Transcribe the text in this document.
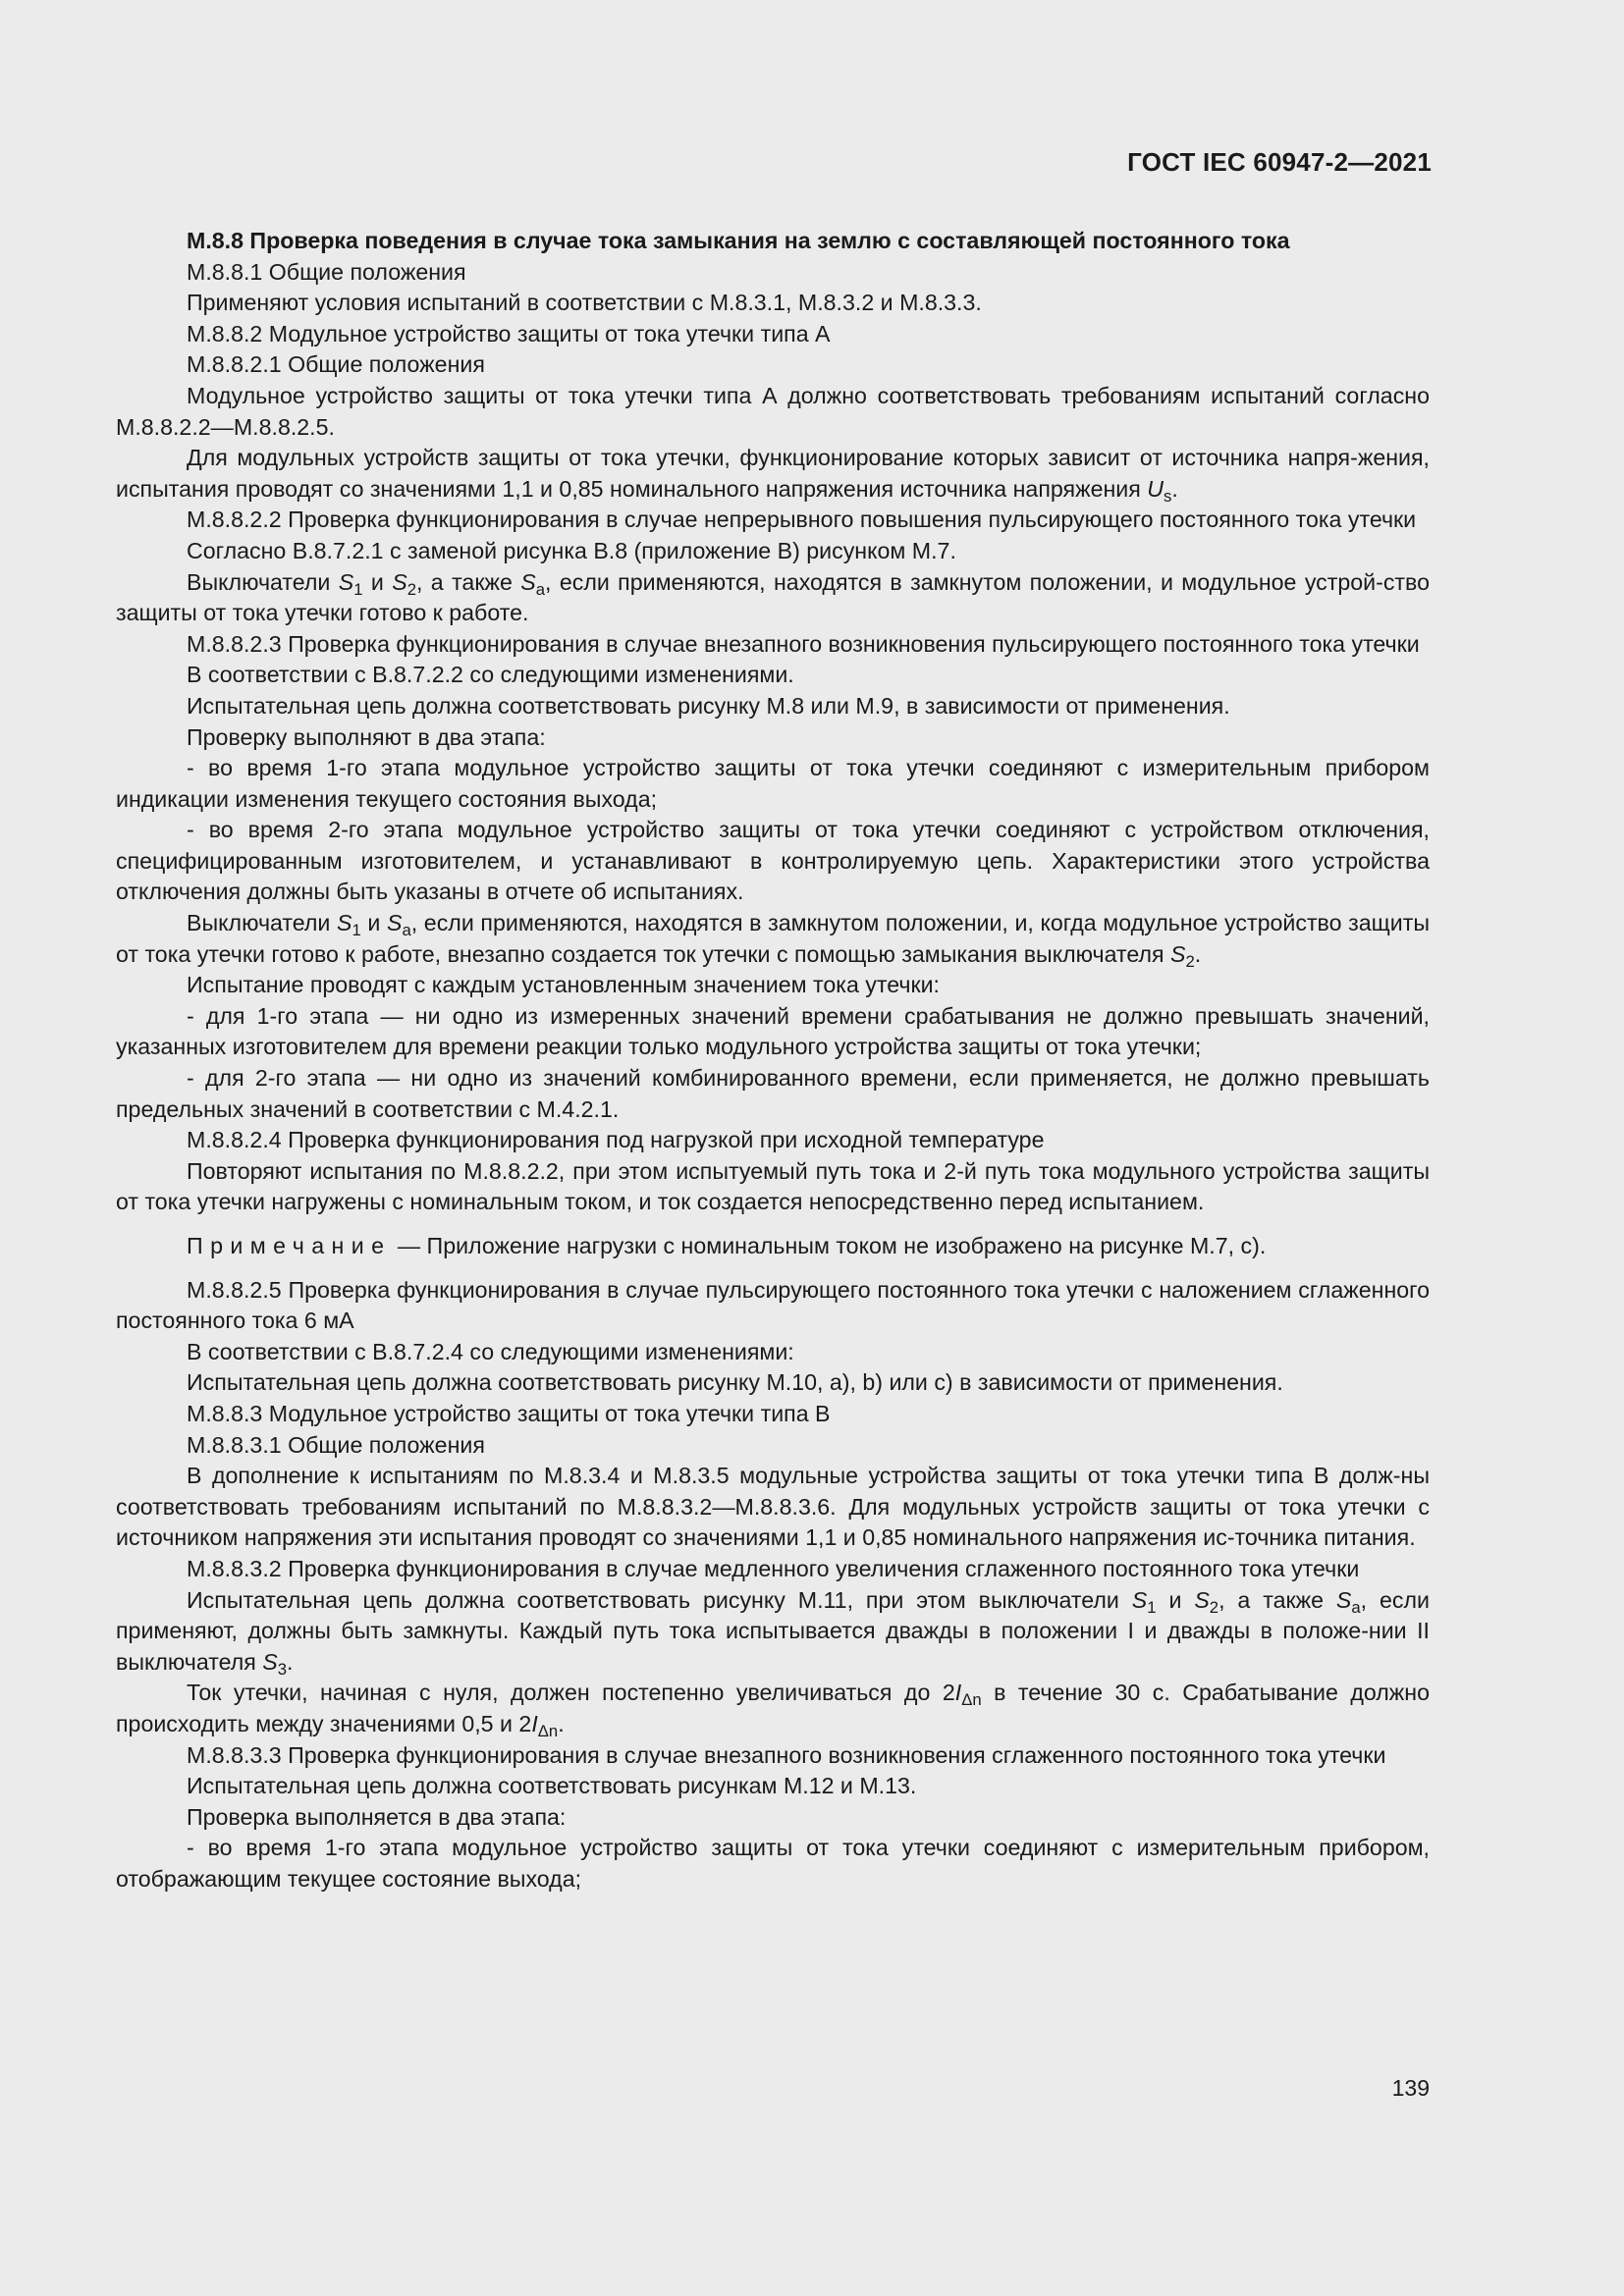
ГОСТ IEC 60947-2—2021

M.8.8 Проверка поведения в случае тока замыкания на землю с составляющей постоянного тока

M.8.8.1 Общие положения

Применяют условия испытаний в соответствии с M.8.3.1, M.8.3.2 и M.8.3.3.

M.8.8.2 Модульное устройство защиты от тока утечки типа А

M.8.8.2.1 Общие положения

Модульное устройство защиты от тока утечки типа А должно соответствовать требованиям испытаний согласно M.8.8.2.2—M.8.8.2.5.

Для модульных устройств защиты от тока утечки, функционирование которых зависит от источника напря-жения, испытания проводят со значениями 1,1 и 0,85 номинального напряжения источника напряжения $U_s$.

M.8.8.2.2 Проверка функционирования в случае непрерывного повышения пульсирующего постоянного тока утечки

Согласно B.8.7.2.1 с заменой рисунка B.8 (приложение B) рисунком M.7.

Выключатели $S_1$ и $S_2$, а также $S_a$, если применяются, находятся в замкнутом положении, и модульное устрой-ство защиты от тока утечки готово к работе.

M.8.8.2.3 Проверка функционирования в случае внезапного возникновения пульсирующего постоянного тока утечки

В соответствии с B.8.7.2.2 со следующими изменениями.

Испытательная цепь должна соответствовать рисунку M.8 или M.9, в зависимости от применения.

Проверку выполняют в два этапа:

- во время 1-го этапа модульное устройство защиты от тока утечки соединяют с измерительным прибором индикации изменения текущего состояния выхода;

- во время 2-го этапа модульное устройство защиты от тока утечки соединяют с устройством отключения, специфицированным изготовителем, и устанавливают в контролируемую цепь. Характеристики этого устройства отключения должны быть указаны в отчете об испытаниях.

Выключатели $S_1$ и $S_a$, если применяются, находятся в замкнутом положении, и, когда модульное устройство защиты от тока утечки готово к работе, внезапно создается ток утечки с помощью замыкания выключателя $S_2$.

Испытание проводят с каждым установленным значением тока утечки:

- для 1-го этапа — ни одно из измеренных значений времени срабатывания не должно превышать значений, указанных изготовителем для времени реакции только модульного устройства защиты от тока утечки;

- для 2-го этапа — ни одно из значений комбинированного времени, если применяется, не должно превышать предельных значений в соответствии с M.4.2.1.

M.8.8.2.4 Проверка функционирования под нагрузкой при исходной температуре

Повторяют испытания по M.8.8.2.2, при этом испытуемый путь тока и 2-й путь тока модульного устройства защиты от тока утечки нагружены с номинальным током, и ток создается непосредственно перед испытанием.

Примечание — Приложение нагрузки с номинальным током не изображено на рисунке M.7, c).

M.8.8.2.5 Проверка функционирования в случае пульсирующего постоянного тока утечки с наложением сглаженного постоянного тока 6 мА

В соответствии с B.8.7.2.4 со следующими изменениями:

Испытательная цепь должна соответствовать рисунку M.10, a), b) или c) в зависимости от применения.

M.8.8.3 Модульное устройство защиты от тока утечки типа B

M.8.8.3.1 Общие положения

В дополнение к испытаниям по M.8.3.4 и M.8.3.5 модульные устройства защиты от тока утечки типа B долж-ны соответствовать требованиям испытаний по M.8.8.3.2—M.8.8.3.6. Для модульных устройств защиты от тока утечки с источником напряжения эти испытания проводят со значениями 1,1 и 0,85 номинального напряжения ис-точника питания.

M.8.8.3.2 Проверка функционирования в случае медленного увеличения сглаженного постоянного тока утечки

Испытательная цепь должна соответствовать рисунку M.11, при этом выключатели $S_1$ и $S_2$, а также $S_a$, если применяют, должны быть замкнуты. Каждый путь тока испытывается дважды в положении I и дважды в положе-нии II выключателя $S_3$.

Ток утечки, начиная с нуля, должен постепенно увеличиваться до $2I_{\Delta n}$ в течение 30 с. Срабатывание должно происходить между значениями 0,5 и $2I_{\Delta n}$.

M.8.8.3.3 Проверка функционирования в случае внезапного возникновения сглаженного постоянного тока утечки

Испытательная цепь должна соответствовать рисункам M.12 и M.13.

Проверка выполняется в два этапа:

- во время 1-го этапа модульное устройство защиты от тока утечки соединяют с измерительным прибором, отображающим текущее состояние выхода;

139
